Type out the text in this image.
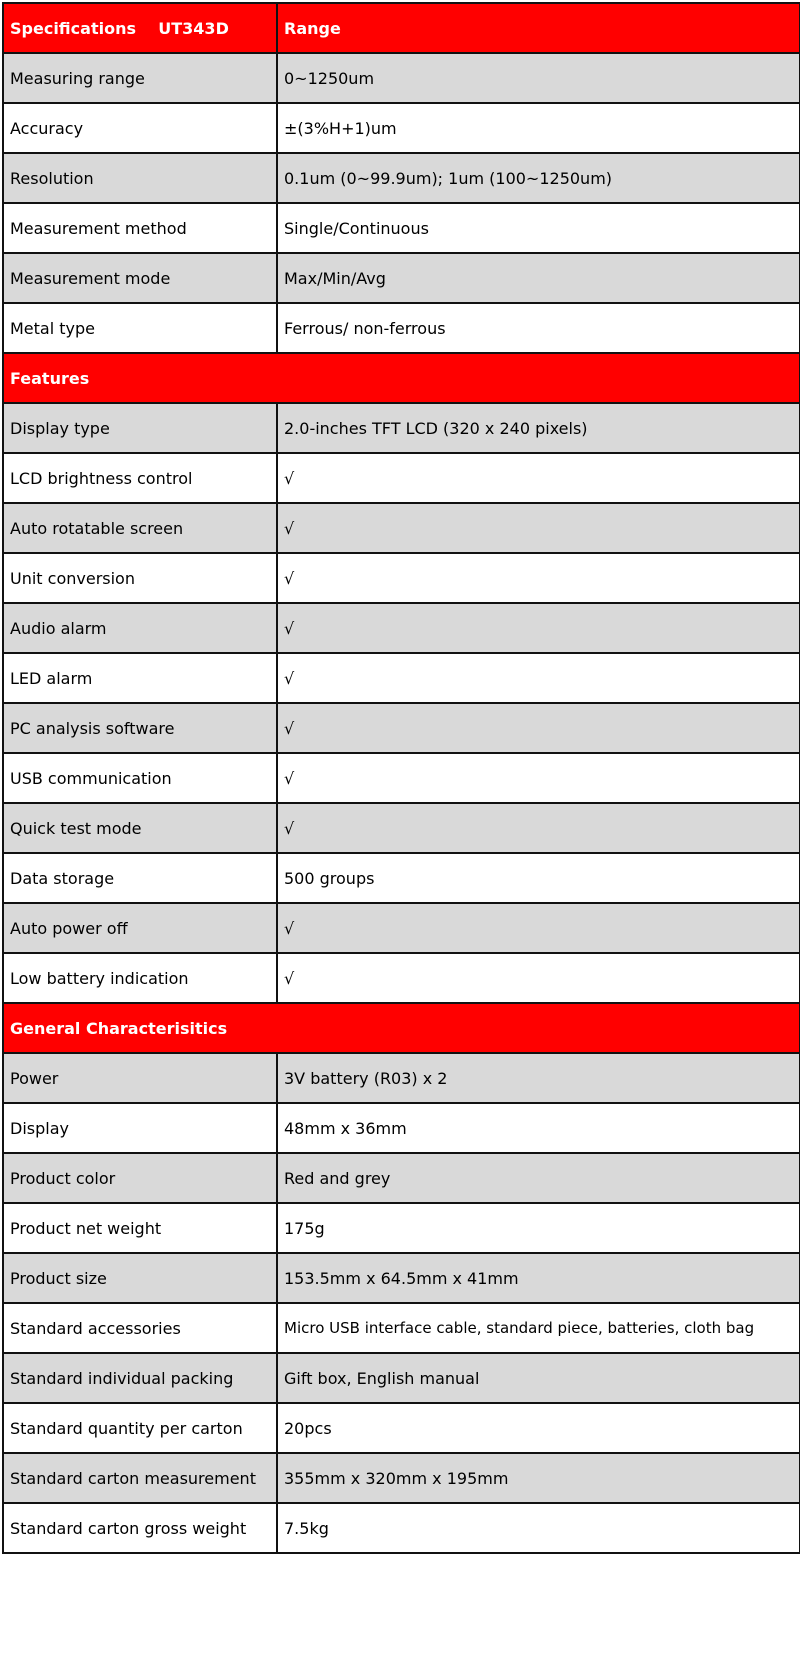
Specifications    UT343D	Range
Measuring range	0~1250um
Accuracy	±(3%H+1)um
Resolution	0.1um (0~99.9um); 1um (100~1250um)
Measurement method	Single/Continuous
Measurement mode	Max/Min/Avg
Metal type	Ferrous/ non-ferrous
Features	
Display type	2.0-inches TFT LCD (320 x 240 pixels)
LCD brightness control	√
Auto rotatable screen	√
Unit conversion	√
Audio alarm	√
LED alarm	√
PC analysis software	√
USB communication	√
Quick test mode	√
Data storage	500 groups
Auto power off	√
Low battery indication	√
General Characterisitics	
Power	3V battery (R03) x 2
Display	48mm x 36mm
Product color	Red and grey
Product net weight	175g
Product size	153.5mm x 64.5mm x 41mm
Standard accessories	Micro USB interface cable, standard piece, batteries, cloth bag
Standard individual packing	Gift box, English manual
Standard quantity per carton	20pcs
Standard carton measurement	355mm x 320mm x 195mm
Standard carton gross weight	7.5kg
